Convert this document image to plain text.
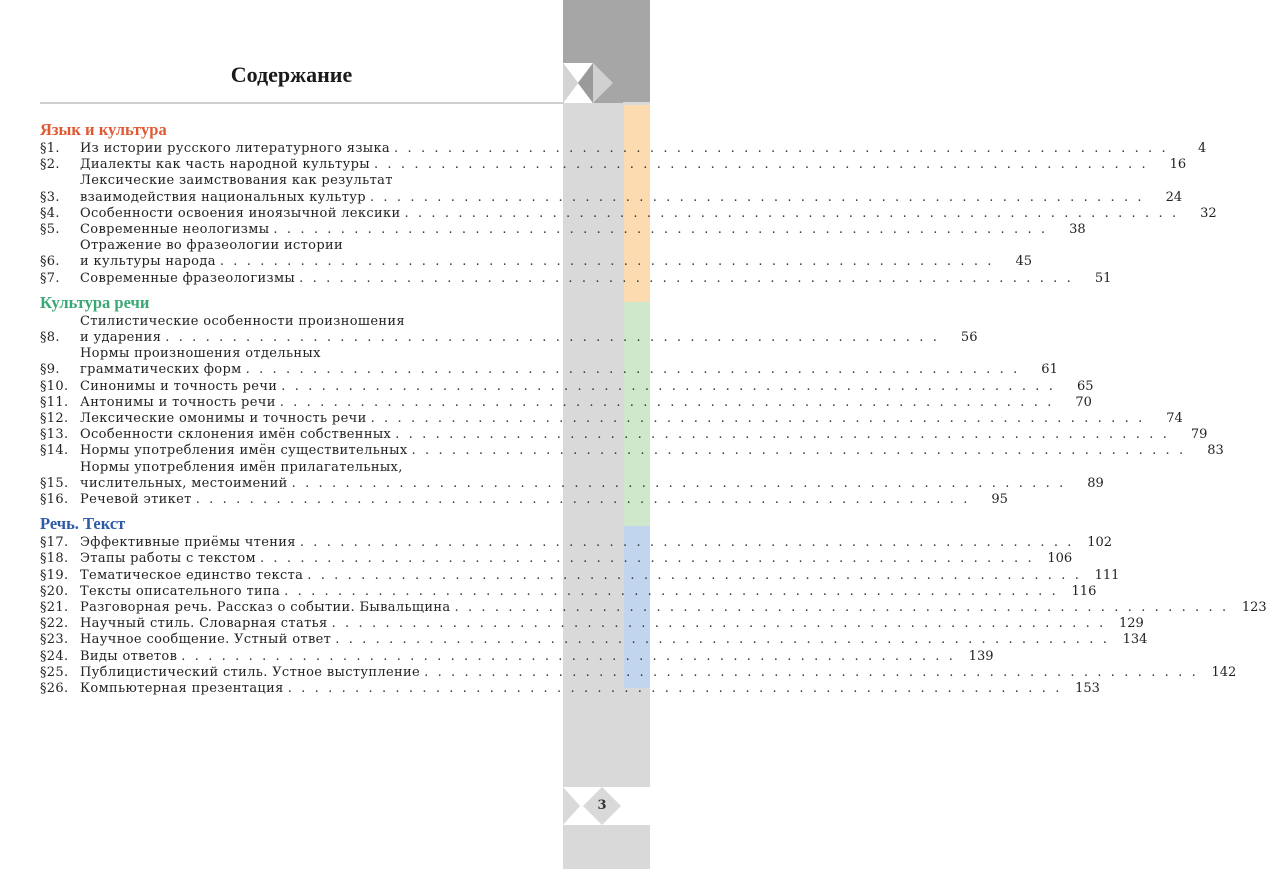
3
Содержание
Язык и культура
§1.	Из истории русского литературного языка . . .	4
§2.	Диалекты как часть народной культуры . . .	16
§3.
Лексические заимствования как результат
взаимодействия национальных культур . . .	24
§4.	Особенности освоения иноязычной лексики . . .	32
§5.	Современные неологизмы . . .	38
§6.
Отражение во фразеологии истории
и культуры народа . . .	45
§7.	Современные фразеологизмы . . .	51
Культура речи
§8.
Стилистические особенности произношения
и ударения . . .	56
§9.
Нормы произношения отдельных
грамматических форм . . .	61
§10. Синонимы и точность речи . . .	65
§11. Антонимы и точность речи . . .	70
§12. Лексические омонимы и точность речи . . .	74
§13. Особенности склонения имён собственных . . .	79
§14. Нормы употребления имён существительных . . .	83
§15.
Нормы употребления имён прилагательных,
числительных, местоимений . . .	89
§16. Речевой этикет . . .	95
Речь. Текст
§17. Эффективные приёмы чтения . . .	102
§18. Этапы работы с текстом . . .	106
§19. Тематическое единство текста . . .	111
§20. Тексты описательного типа . . .	116
§21. Разговорная речь. Рассказ о событии. Бывальщина . . .	123
§22. Научный стиль. Словарная статья . . .	129
§23. Научное сообщение. Устный ответ . . .	134
§24. Виды ответов . . .	139
§25. Публицистический стиль. Устное выступление . . .	142
§26. Компьютерная презентация . . .	153
